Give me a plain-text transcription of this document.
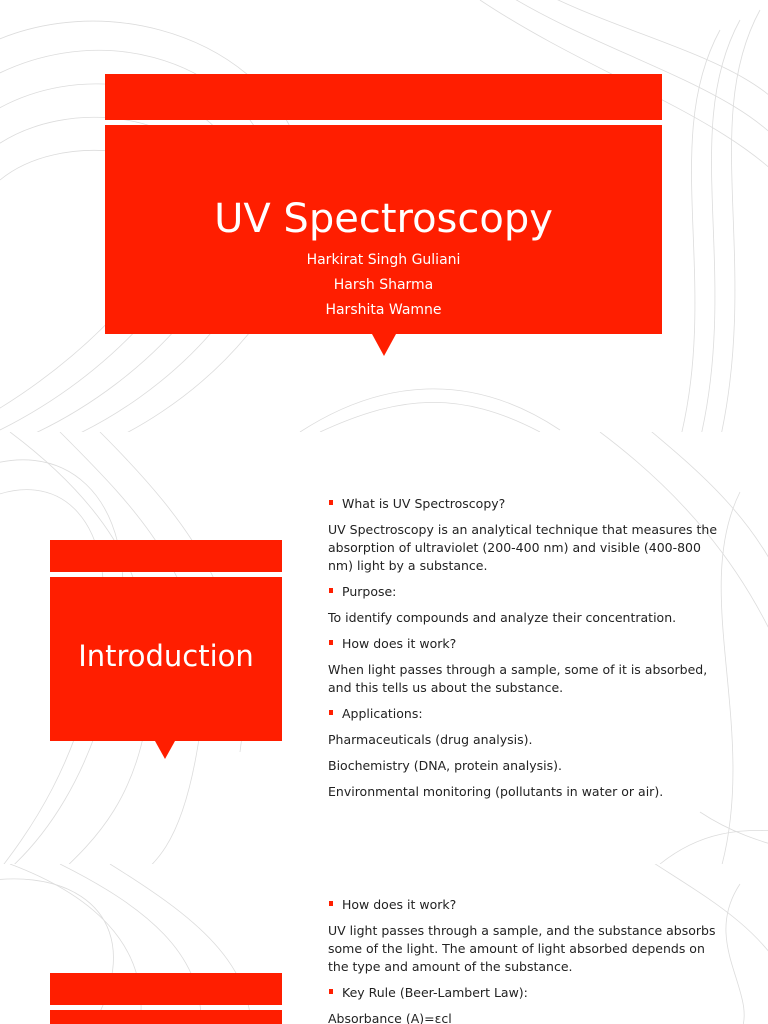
UV Spectroscopy
Harkirat Singh Guliani
Harsh Sharma
Harshita Wamne
Introduction

What is UV Spectroscopy?

UV Spectroscopy is an analytical technique that measures the absorption of ultraviolet (200-400 nm) and visible (400-800 nm) light by a substance.

Purpose:

To identify compounds and analyze their concentration.

How does it work?

When light passes through a sample, some of it is absorbed, and this tells us about the substance.

Applications:

Pharmaceuticals (drug analysis).

Biochemistry (DNA, protein analysis).

Environmental monitoring (pollutants in water or air).

How does it work?

UV light passes through a sample, and the substance absorbs some of the light. The amount of light absorbed depends on the type and amount of the substance.

Key Rule (Beer-Lambert Law):

Absorbance (A)=εcl
